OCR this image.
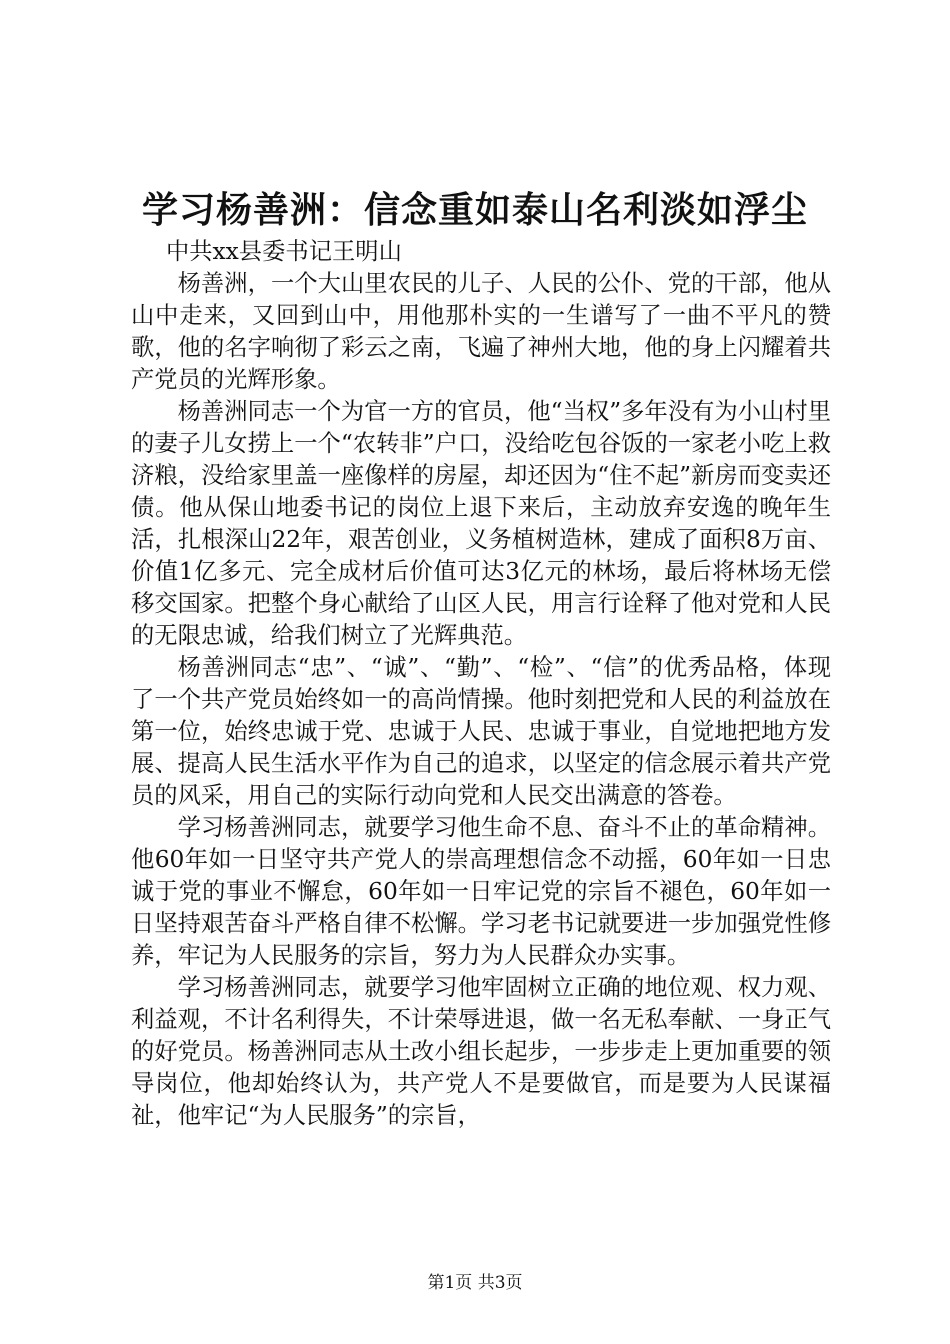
学习杨善洲：信念重如泰山名利淡如浮尘

中共xx县委书记王明山

杨善洲，一个大山里农民的儿子、人民的公仆、党的干部，他从山中走来，又回到山中，用他那朴实的一生谱写了一曲不平凡的赞歌，他的名字响彻了彩云之南，飞遍了神州大地，他的身上闪耀着共产党员的光辉形象。

杨善洲同志一个为官一方的官员，他“当权”多年没有为小山村里的妻子儿女捞上一个“农转非”户口，没给吃包谷饭的一家老小吃上救济粮，没给家里盖一座像样的房屋，却还因为“住不起”新房而变卖还债。他从保山地委书记的岗位上退下来后，主动放弃安逸的晚年生活，扎根深山22年，艰苦创业，义务植树造林，建成了面积8万亩、价值1亿多元、完全成材后价值可达3亿元的林场，最后将林场无偿移交国家。把整个身心献给了山区人民，用言行诠释了他对党和人民的无限忠诚，给我们树立了光辉典范。

杨善洲同志“忠”、“诚”、“勤”、“检”、“信”的优秀品格，体现了一个共产党员始终如一的高尚情操。他时刻把党和人民的利益放在第一位，始终忠诚于党、忠诚于人民、忠诚于事业，自觉地把地方发展、提高人民生活水平作为自己的追求，以坚定的信念展示着共产党员的风采，用自己的实际行动向党和人民交出满意的答卷。

学习杨善洲同志，就要学习他生命不息、奋斗不止的革命精神。他60年如一日坚守共产党人的崇高理想信念不动摇，60年如一日忠诚于党的事业不懈怠，60年如一日牢记党的宗旨不褪色，60年如一日坚持艰苦奋斗严格自律不松懈。学习老书记就要进一步加强党性修养，牢记为人民服务的宗旨，努力为人民群众办实事。

学习杨善洲同志，就要学习他牢固树立正确的地位观、权力观、利益观，不计名利得失，不计荣辱进退，做一名无私奉献、一身正气的好党员。杨善洲同志从土改小组长起步，一步步走上更加重要的领导岗位，他却始终认为，共产党人不是要做官，而是要为人民谋福祉，他牢记“为人民服务”的宗旨，

第1页 共3页
